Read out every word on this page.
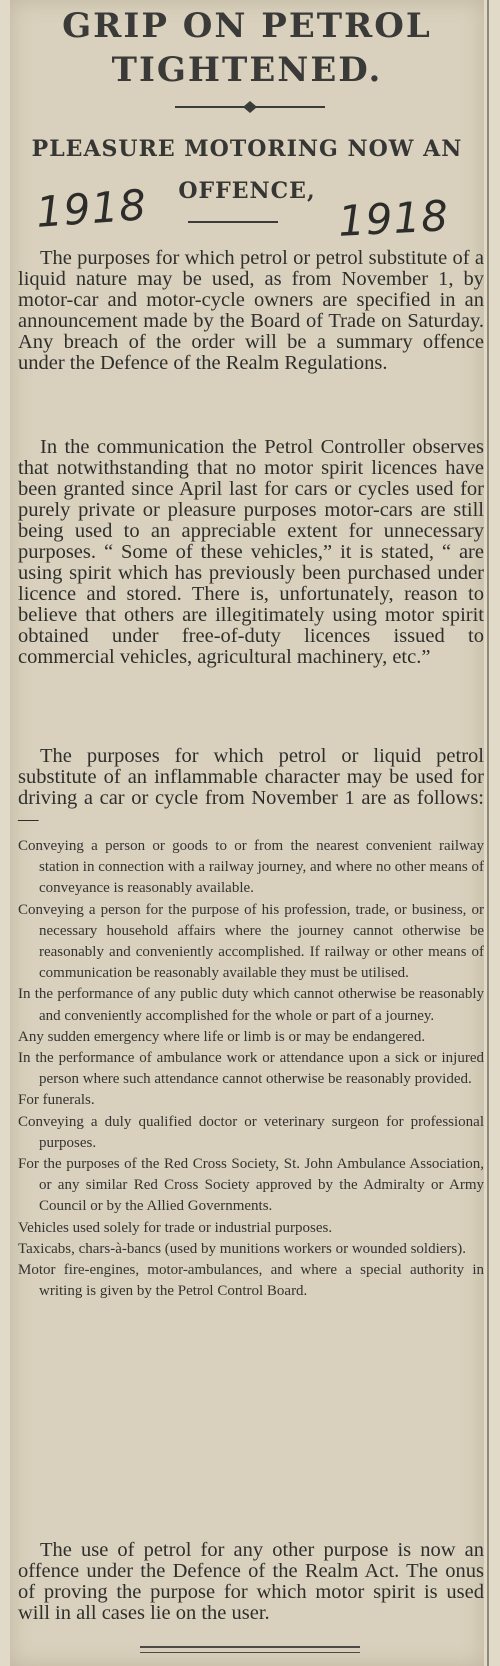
GRIP ON PETROL
TIGHTENED.
PLEASURE MOTORING NOW AN
OFFENCE,
1918	1918

The purposes for which petrol or petrol substitute of a liquid nature may be used, as from November 1, by motor-car and motor-cycle owners are specified in an announcement made by the Board of Trade on Saturday. Any breach of the order will be a summary offence under the Defence of the Realm Regulations.

In the communication the Petrol Controller observes that notwithstanding that no motor spirit licences have been granted since April last for cars or cycles used for purely private or pleasure purposes motor-cars are still being used to an appreciable extent for unnecessary purposes. “ Some of these vehicles,” it is stated, “ are using spirit which has previously been purchased under licence and stored. There is, unfortunately, reason to believe that others are illegitimately using motor spirit obtained under free-of-duty licences issued to commercial vehicles, agricultural machinery, etc.”

The purposes for which petrol or liquid petrol substitute of an inflammable character may be used for driving a car or cycle from November 1 are as follows:—

Conveying a person or goods to or from the nearest convenient railway station in connection with a railway journey, and where no other means of conveyance is reasonably available.

Conveying a person for the purpose of his profession, trade, or business, or necessary household affairs where the journey cannot otherwise be reasonably and conveniently accomplished. If railway or other means of communication be reasonably available they must be utilised.

In the performance of any public duty which cannot otherwise be reasonably and conveniently accomplished for the whole or part of a journey.

Any sudden emergency where life or limb is or may be endangered.

In the performance of ambulance work or attendance upon a sick or injured person where such attendance cannot otherwise be reasonably provided.

For funerals.

Conveying a duly qualified doctor or veterinary surgeon for professional purposes.

For the purposes of the Red Cross Society, St. John Ambulance Association, or any similar Red Cross Society approved by the Admiralty or Army Council or by the Allied Governments.

Vehicles used solely for trade or industrial purposes.

Taxicabs, chars-à-bancs (used by munitions workers or wounded soldiers).

Motor fire-engines, motor-ambulances, and where a special authority in writing is given by the Petrol Control Board.

The use of petrol for any other purpose is now an offence under the Defence of the Realm Act. The onus of proving the purpose for which motor spirit is used will in all cases lie on the user.
